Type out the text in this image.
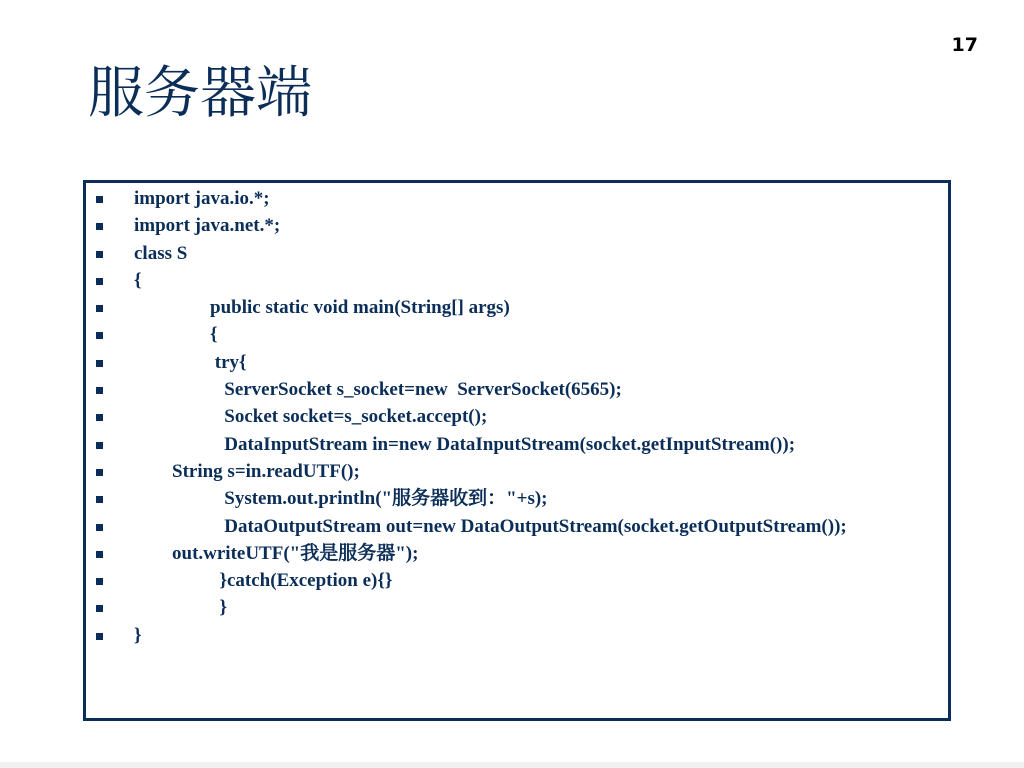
17
服务器端
import java.io.*;
import java.net.*;
class S
{
		public static void main(String[] args)
		{
		try{
		ServerSocket s_socket=new  ServerSocket(6565);
		Socket socket=s_socket.accept();
		DataInputStream in=new DataInputStream(socket.getInputStream());
	String s=in.readUTF();
		System.out.println("服务器收到："+s);
		DataOutputStream out=new DataOutputStream(socket.getOutputStream());
	out.writeUTF("我是服务器");
		}catch(Exception e){}
		}
}
